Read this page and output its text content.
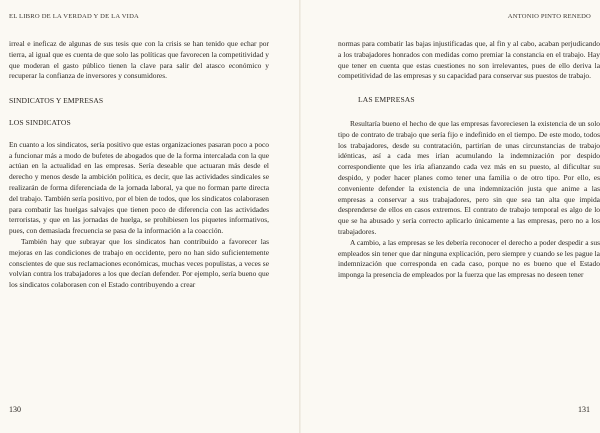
EL LIBRO DE LA VERDAD Y DE LA VIDA

irreal e ineficaz de algunas de sus tesis que con la crisis se han tenido que echar por tierra, al igual que es cuenta de que solo las políticas que favorecen la competitividad y que moderan el gasto público tienen la clave para salir del atasco económico y recuperar la confianza de inversores y consumidores.

SINDICATOS Y EMPRESAS

LOS SINDICATOS

En cuanto a los sindicatos, sería positivo que estas organizaciones pasaran poco a poco a funcionar más a modo de bufetes de abogados que de la forma intercalada con la que actúan en la actualidad en las empresas. Sería deseable que actuaran más desde el derecho y menos desde la ambición política, es decir, que las actividades sindicales se realizarán de forma diferenciada de la jornada laboral, ya que no forman parte directa del trabajo. También sería positivo, por el bien de todos, que los sindicatos colaborasen para combatir las huelgas salvajes que tienen poco de diferencia con las actividades terroristas, y que en las jornadas de huelga, se prohibiesen los piquetes informativos, pues, con demasiada frecuencia se pasa de la información a la coacción.

También hay que subrayar que los sindicatos han contribuido a favorecer las mejoras en las condiciones de trabajo en occidente, pero no han sido suficientemente conscientes de que sus reclamaciones económicas, muchas veces populistas, a veces se volvían contra los trabajadores a los que decían defender. Por ejemplo, sería bueno que los sindicatos colaborasen con el Estado contribuyendo a crear

130
ANTONIO PINTO RENEDO

normas para combatir las bajas injustificadas que, al fin y al cabo, acaban perjudicando a los trabajadores honrados con medidas como premiar la constancia en el trabajo. Hay que tener en cuenta que estas cuestiones no son irrelevantes, pues de ello deriva la competitividad de las empresas y su capacidad para conservar sus puestos de trabajo.

LAS EMPRESAS

Resultaría bueno el hecho de que las empresas favoreciesen la existencia de un solo tipo de contrato de trabajo que sería fijo e indefinido en el tiempo. De este modo, todos los trabajadores, desde su contratación, partirían de unas circunstancias de trabajo idénticas, así a cada mes irían acumulando la indemnización por despido correspondiente que les iría afianzando cada vez más en su puesto, al dificultar su despido, y poder hacer planes como tener una familia o de otro tipo. Por ello, es conveniente defender la existencia de una indemnización justa que anime a las empresas a conservar a sus trabajadores, pero sin que sea tan alta que impida desprenderse de ellos en casos extremos. El contrato de trabajo temporal es algo de lo que se ha abusado y sería correcto aplicarlo únicamente a las empresas, pero no a los trabajadores.

A cambio, a las empresas se les debería reconocer el derecho a poder despedir a sus empleados sin tener que dar ninguna explicación, pero siempre y cuando se les pague la indemnización que corresponda en cada caso, porque no es bueno que el Estado imponga la presencia de empleados por la fuerza que las empresas no deseen tener

131
